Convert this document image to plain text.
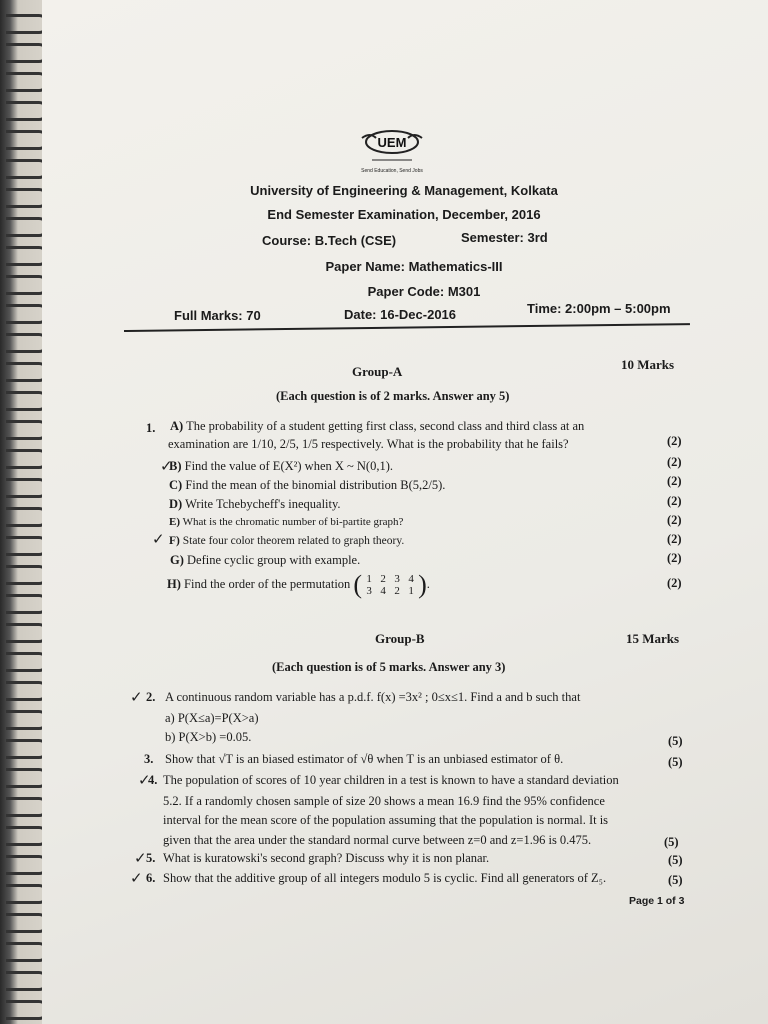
UEM
Send Education, Send Jobs
University of Engineering & Management, Kolkata
End Semester Examination, December, 2016
Course: B.Tech (CSE)	Semester: 3rd
Paper Name: Mathematics-III
Paper Code: M301
Full Marks: 70	Date: 16-Dec-2016	Time: 2:00pm – 5:00pm
Group-A	10 Marks
(Each question is of 2 marks. Answer any 5)
1. A) The probability of a student getting first class, second class and third class at an
examination are 1/10, 2/5, 1/5 respectively. What is the probability that he fails?	(2)
B) Find the value of E(X²) when X ~ N(0,1).	(2)
C) Find the mean of the binomial distribution B(5,2/5).	(2)
D) Write Tchebycheff's inequality.	(2)
E) What is the chromatic number of bi-partite graph?	(2)
F) State four color theorem related to graph theory.	(2)
G) Define cyclic group with example.	(2)
H) Find the order of the permutation ( 1 2 3 4
3 4 2 1 ).	(2)
✓
✓
Group-B	15 Marks
(Each question is of 5 marks. Answer any 3)
✓ 2. A continuous random variable has a p.d.f. f(x) =3x² ; 0≤x≤1. Find a and b such that
a) P(X≤a)=P(X>a)
b) P(X>b) =0.05.	(5)
3. Show that √T is an biased estimator of √θ when T is an unbiased estimator of θ.	(5)
✓
4. The population of scores of 10 year children in a test is known to have a standard deviation
5.2. If a randomly chosen sample of size 20 shows a mean 16.9 find the 95% confidence
interval for the mean score of the population assuming that the population is normal. It is
given that the area under the standard normal curve between z=0 and z=1.96 is 0.475.	(5)
✓ 5. What is kuratowski's second graph? Discuss why it is non planar.	(5)
✓ 6. Show that the additive group of all integers modulo 5 is cyclic. Find all generators of Z₅.	(5)
Page 1 of 3
